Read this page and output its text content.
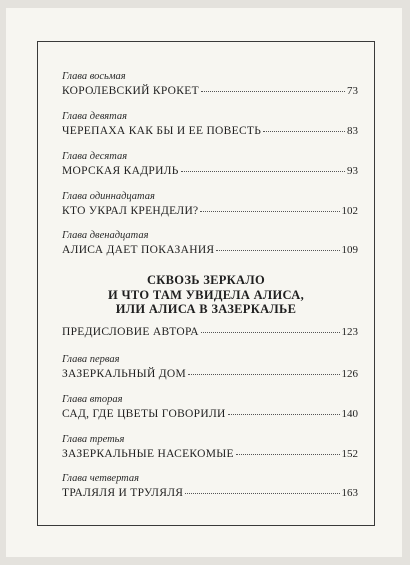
Глава восьмая
КОРОЛЕВСКИЙ КРОКЕТ	73
Глава девятая
ЧЕРЕПАХА КАК БЫ И ЕЕ ПОВЕСТЬ	83
Глава десятая
МОРСКАЯ КАДРИЛЬ	93
Глава одиннадцатая
КТО УКРАЛ КРЕНДЕЛИ?	102
Глава двенадцатая
АЛИСА ДАЕТ ПОКАЗАНИЯ	109
СКВОЗЬ ЗЕРКАЛО
И ЧТО ТАМ УВИДЕЛА АЛИСА,
ИЛИ АЛИСА В ЗАЗЕРКАЛЬЕ
ПРЕДИСЛОВИЕ АВТОРА	123
Глава первая
ЗАЗЕРКАЛЬНЫЙ ДОМ	126
Глава вторая
САД, ГДЕ ЦВЕТЫ ГОВОРИЛИ	140
Глава третья
ЗАЗЕРКАЛЬНЫЕ НАСЕКОМЫЕ	152
Глава четвертая
ТРАЛЯЛЯ И ТРУЛЯЛЯ	163
